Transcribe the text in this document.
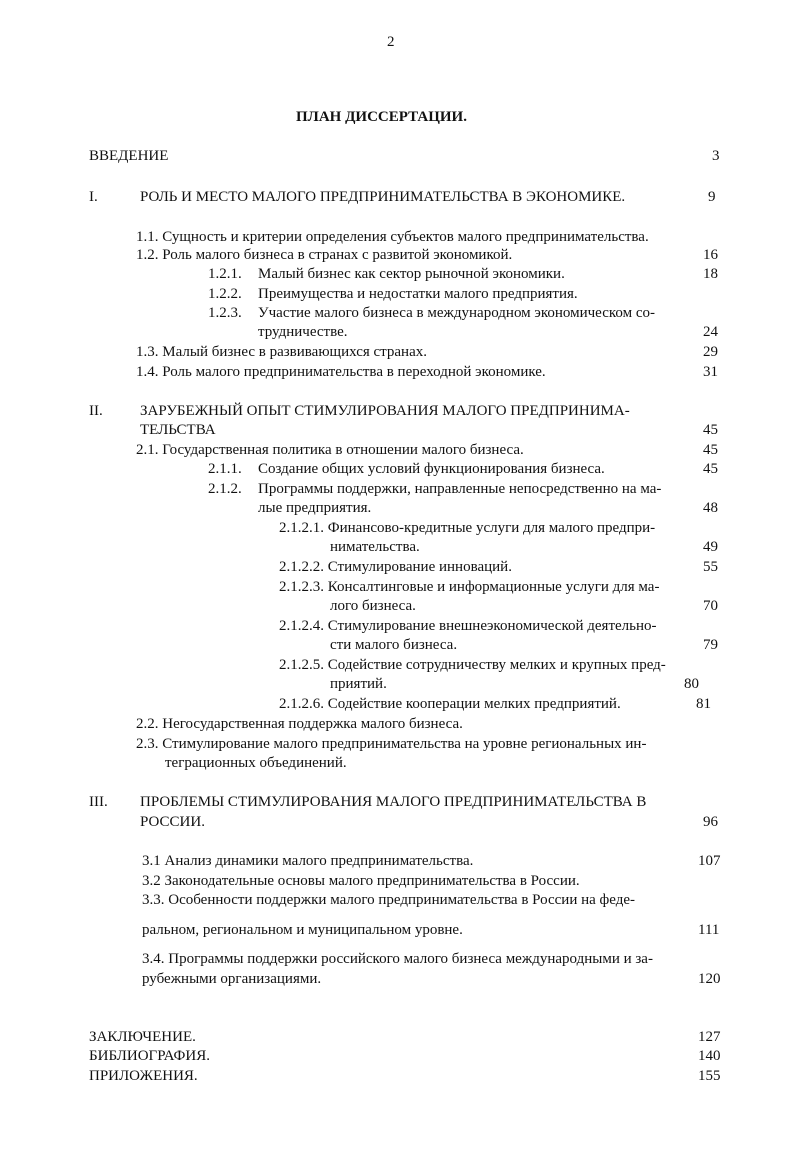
2
ПЛАН ДИССЕРТАЦИИ.
ВВЕДЕНИЕ	3
I.	РОЛЬ И МЕСТО МАЛОГО ПРЕДПРИНИМАТЕЛЬСТВА В ЭКОНОМИКЕ.	9
1.1. Сущность и критерии определения субъектов малого предпринимательства.
1.2. Роль малого бизнеса в странах с развитой экономикой.	16
1.2.1. Малый бизнес как сектор рыночной экономики.	18
1.2.2. Преимущества и недостатки малого предприятия.
1.2.3. Участие малого бизнеса в международном экономическом со-
трудничестве.	24
1.3. Малый бизнес в развивающихся странах.	29
1.4. Роль малого предпринимательства в переходной экономике.	31
II. ЗАРУБЕЖНЫЙ ОПЫТ СТИМУЛИРОВАНИЯ МАЛОГО ПРЕДПРИНИМА-
ТЕЛЬСТВА	45
2.1. Государственная политика в отношении малого бизнеса.	45
2.1.1. Создание общих условий функционирования бизнеса.	45
2.1.2. Программы поддержки, направленные непосредственно на ма-
лые предприятия.	48
2.1.2.1. Финансово-кредитные услуги для малого предпри-
нимательства.	49
2.1.2.2. Стимулирование инноваций.	55
2.1.2.3. Консалтинговые и информационные услуги для ма-
лого бизнеса.	70
2.1.2.4. Стимулирование внешнеэкономической деятельно-
сти малого бизнеса.	79
2.1.2.5. Содействие сотрудничеству мелких и крупных пред-
приятий.	80
2.1.2.6. Содействие кооперации мелких предприятий.	81
2.2. Негосударственная поддержка малого бизнеса.
2.3. Стимулирование малого предпринимательства на уровне региональных ин-
теграционных объединений.
III. ПРОБЛЕМЫ СТИМУЛИРОВАНИЯ МАЛОГО ПРЕДПРИНИМАТЕЛЬСТВА В
РОССИИ.	96
3.1 Анализ динамики малого предпринимательства.	107
3.2 Законодательные основы малого предпринимательства в России.
3.3. Особенности поддержки малого предпринимательства в России на феде-
ральном, региональном и муниципальном уровне.	111
3.4. Программы поддержки российского малого бизнеса международными и за-
рубежными организациями.	120
ЗАКЛЮЧЕНИЕ.	127
БИБЛИОГРАФИЯ.	140
ПРИЛОЖЕНИЯ.	155
